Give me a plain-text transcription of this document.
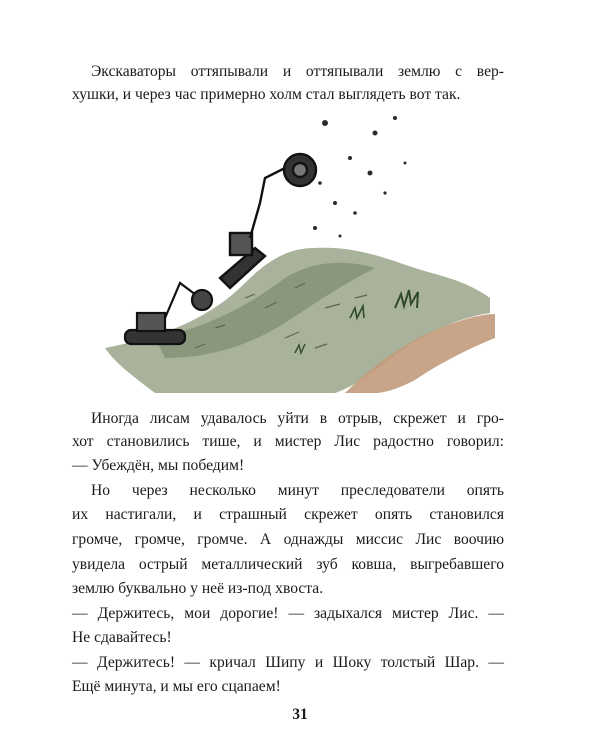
Экскаваторы оттяпывали и оттяпывали землю с вер-
хушки, и через час примерно холм стал выглядеть вот так.
Иногда лисам удавалось уйти в отрыв, скрежет и гро-
хот становились тише, и мистер Лис радостно говорил:
— Убеждён, мы победим!
Но через несколько минут преследователи опять
их настигали, и страшный скрежет опять становился
громче, громче, громче. А однажды миссис Лис воочию
увидела острый металлический зуб ковша, выгребавшего
землю буквально у неё из-под хвоста.
— Держитесь, мои дорогие! — задыхался мистер Лис. —
Не сдавайтесь!
— Держитесь! — кричал Шипу и Шоку толстый Шар. —
Ещё минута, и мы его сцапаем!
31
